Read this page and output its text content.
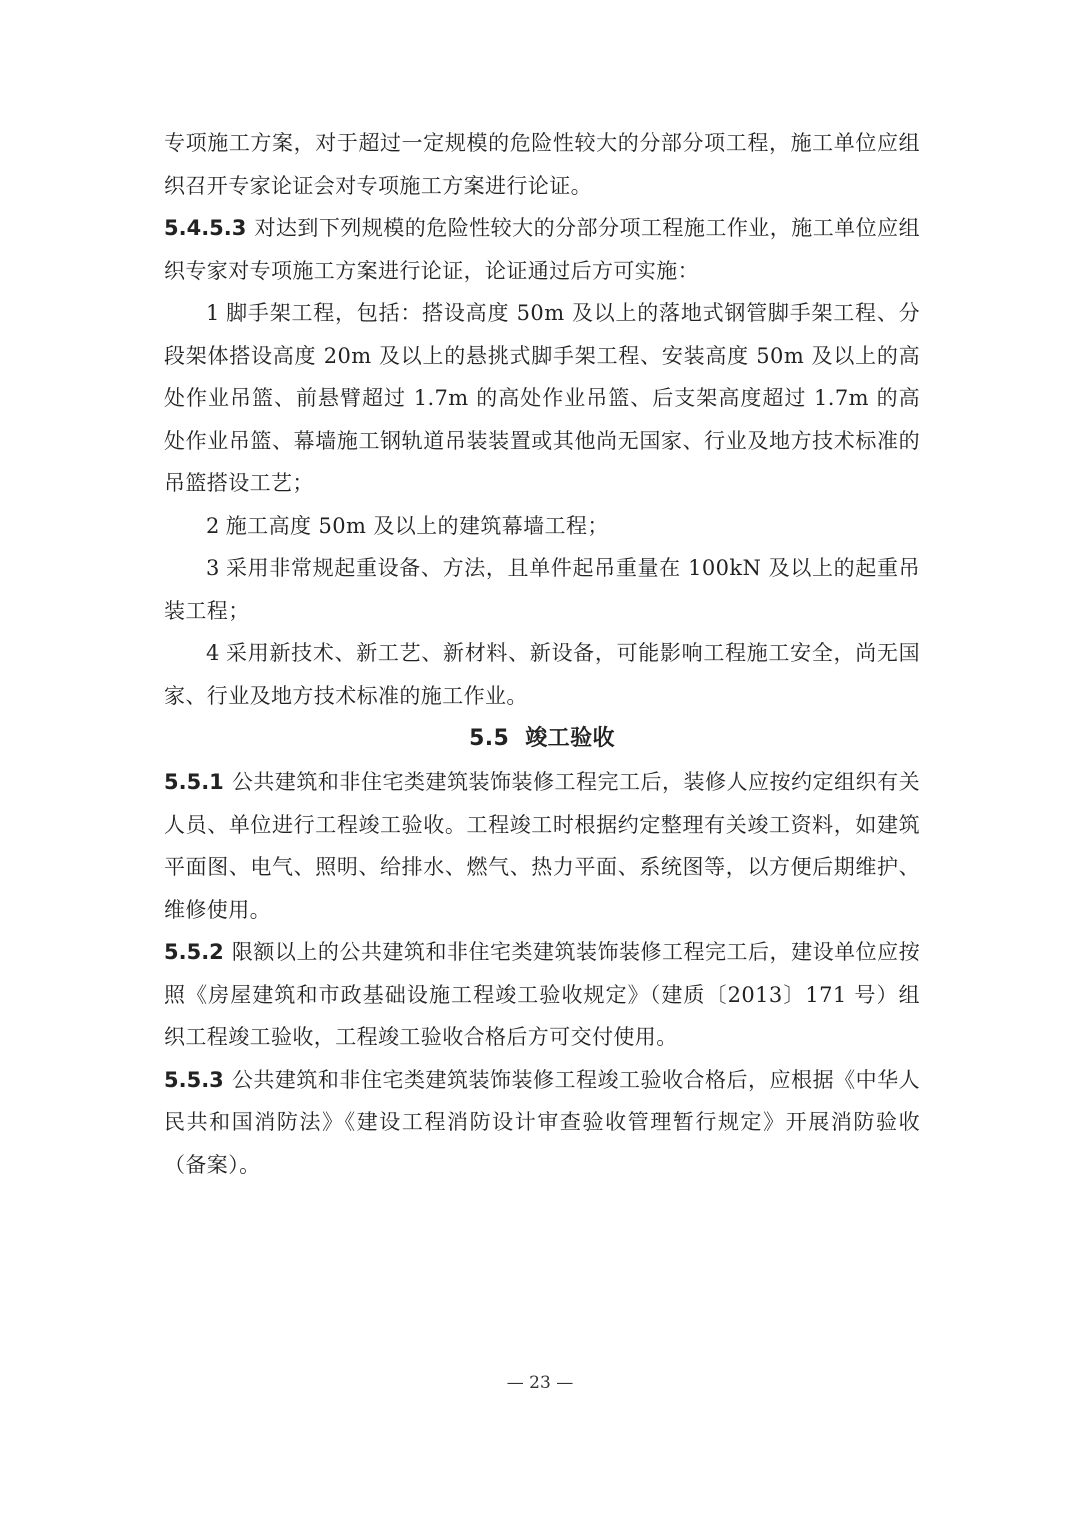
专项施工方案，对于超过一定规模的危险性较大的分部分项工程，施工单位应组织召开专家论证会对专项施工方案进行论证。

5.4.5.3 对达到下列规模的危险性较大的分部分项工程施工作业，施工单位应组织专家对专项施工方案进行论证，论证通过后方可实施：

1 脚手架工程，包括：搭设高度 50m 及以上的落地式钢管脚手架工程、分段架体搭设高度 20m 及以上的悬挑式脚手架工程、安装高度 50m 及以上的高处作业吊篮、前悬臂超过 1.7m 的高处作业吊篮、后支架高度超过 1.7m 的高处作业吊篮、幕墙施工钢轨道吊装装置或其他尚无国家、行业及地方技术标准的吊篮搭设工艺；

2 施工高度 50m 及以上的建筑幕墙工程；

3 采用非常规起重设备、方法，且单件起吊重量在 100kN 及以上的起重吊装工程；

4 采用新技术、新工艺、新材料、新设备，可能影响工程施工安全，尚无国家、行业及地方技术标准的施工作业。

5.5 竣工验收

5.5.1 公共建筑和非住宅类建筑装饰装修工程完工后，装修人应按约定组织有关人员、单位进行工程竣工验收。工程竣工时根据约定整理有关竣工资料，如建筑平面图、电气、照明、给排水、燃气、热力平面、系统图等，以方便后期维护、维修使用。

5.5.2 限额以上的公共建筑和非住宅类建筑装饰装修工程完工后，建设单位应按照《房屋建筑和市政基础设施工程竣工验收规定》（建质〔2013〕171 号）组织工程竣工验收，工程竣工验收合格后方可交付使用。

5.5.3 公共建筑和非住宅类建筑装饰装修工程竣工验收合格后，应根据《中华人民共和国消防法》《建设工程消防设计审查验收管理暂行规定》开展消防验收（备案）。

— 23 —
